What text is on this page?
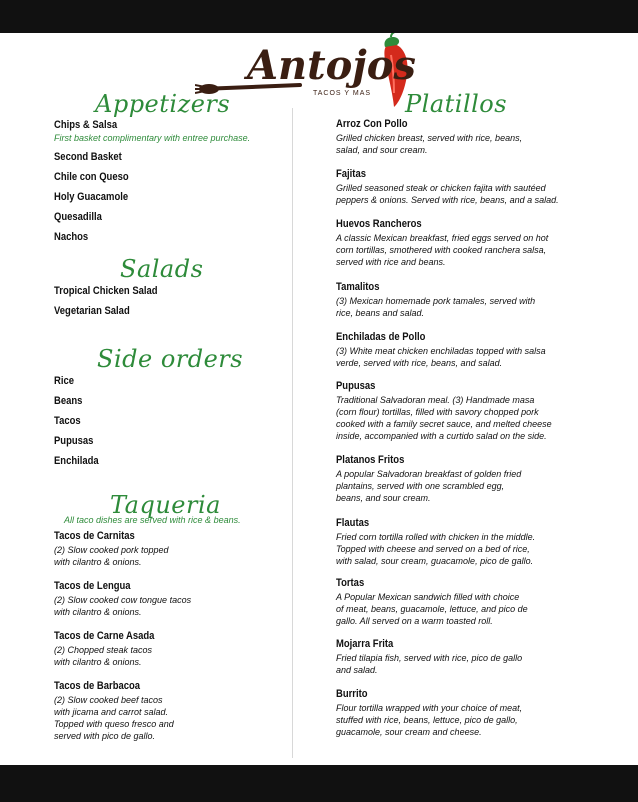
Antojos
TACOS Y MAS
Appetizers
Chips & Salsa
First basket complimentary with entree purchase.
Second Basket
Chile con Queso
Holy Guacamole
Quesadilla
Nachos
Salads
Tropical Chicken Salad
Vegetarian Salad
Side orders
Rice
Beans
Tacos
Pupusas
Enchilada
Taqueria
All taco dishes are served with rice & beans.
Tacos de Carnitas
(2) Slow cooked pork topped
with cilantro & onions.
Tacos de Lengua
(2) Slow cooked cow tongue tacos
with cilantro & onions.
Tacos de Carne Asada
(2) Chopped steak tacos
with cilantro & onions.
Tacos de Barbacoa
(2) Slow cooked beef tacos
with jicama and carrot salad.
Topped with queso fresco and
served with pico de gallo.
Platillos
Arroz Con Pollo
Grilled chicken breast, served with rice, beans,
salad, and sour cream.
Fajitas
Grilled seasoned steak or chicken fajita with sautéed
peppers & onions. Served with rice, beans, and a salad.
Huevos Rancheros
A classic Mexican breakfast, fried eggs served on hot
corn tortillas, smothered with cooked ranchera salsa,
served with rice and beans.
Tamalitos
(3) Mexican homemade pork tamales, served with
rice, beans and salad.
Enchiladas de Pollo
(3) White meat chicken enchiladas topped with salsa
verde, served with rice, beans, and salad.
Pupusas
Traditional Salvadoran meal. (3) Handmade masa
(corn flour) tortillas, filled with savory chopped pork
cooked with a family secret sauce, and melted cheese
inside, accompanied with a curtido salad on the side.
Platanos Fritos
A popular Salvadoran breakfast of golden fried
plantains, served with one scrambled egg,
beans, and sour cream.
Flautas
Fried corn tortilla rolled with chicken in the middle.
Topped with cheese and served on a bed of rice,
with salad, sour cream, guacamole, pico de gallo.
Tortas
A Popular Mexican sandwich filled with choice
of meat, beans, guacamole, lettuce, and pico de
gallo. All served on a warm toasted roll.
Mojarra Frita
Fried tilapia fish, served with rice, pico de gallo
and salad.
Burrito
Flour tortilla wrapped with your choice of meat,
stuffed with rice, beans, lettuce, pico de gallo,
guacamole, sour cream and cheese.
